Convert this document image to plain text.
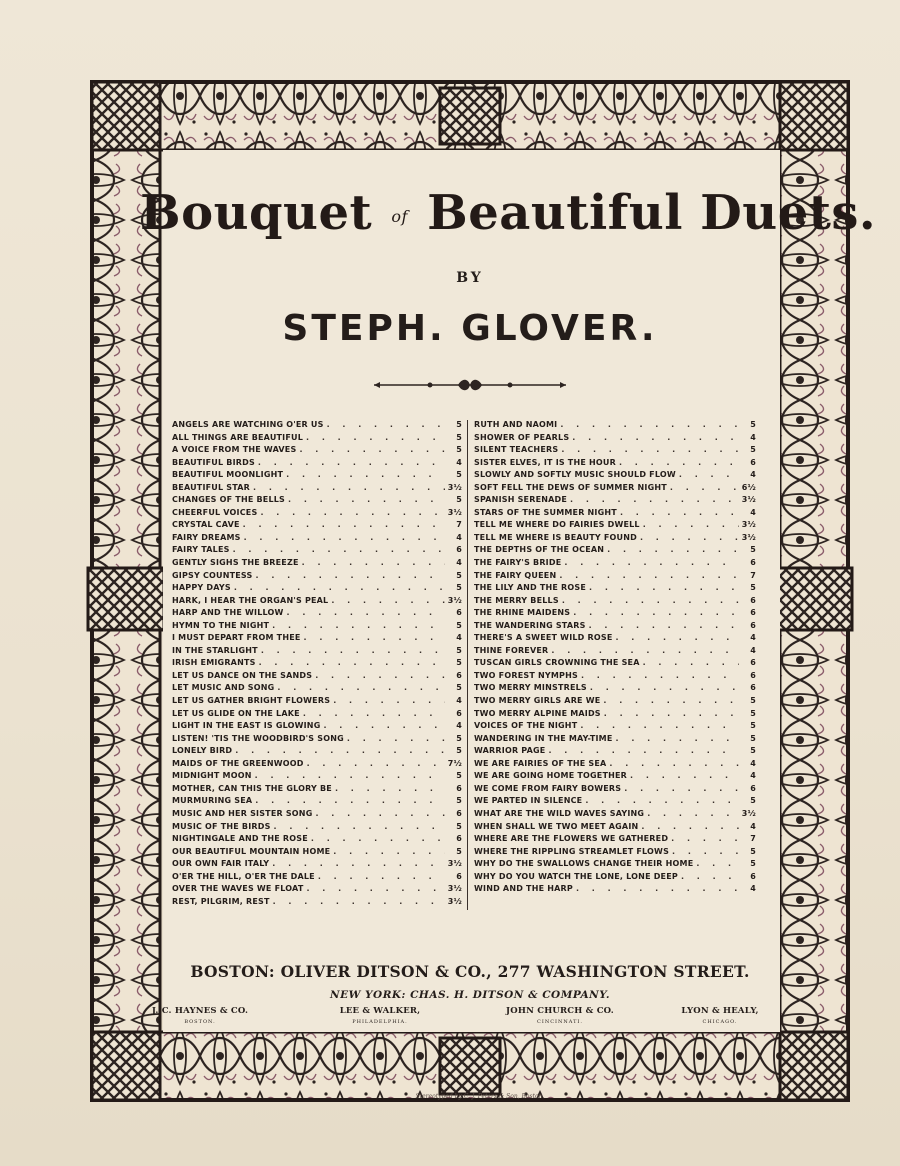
Bouquet of Beautiful Duets.
BY
STEPH. GLOVER.
ANGELS ARE WATCHING O'ER US . . .	5
ALL THINGS ARE BEAUTIFUL . . .	5
A VOICE FROM THE WAVES . . .	5
BEAUTIFUL BIRDS . . .	4
BEAUTIFUL MOONLIGHT . . .	5
BEAUTIFUL STAR . . .	3½
CHANGES OF THE BELLS . . .	5
CHEERFUL VOICES . . .	3½
CRYSTAL CAVE . . .	7
FAIRY DREAMS . . .	4
FAIRY TALES . . .	6
GENTLY SIGHS THE BREEZE . . .	4
GIPSY COUNTESS . . .	5
HAPPY DAYS . . .	5
HARK, I HEAR THE ORGAN'S PEAL . . .	3½
HARP AND THE WILLOW . . .	6
HYMN TO THE NIGHT . . .	5
I MUST DEPART FROM THEE . . .	4
IN THE STARLIGHT . . .	5
IRISH EMIGRANTS . . .	5
LET US DANCE ON THE SANDS . . .	6
LET MUSIC AND SONG . . .	5
LET US GATHER BRIGHT FLOWERS . . .	4
LET US GLIDE ON THE LAKE . . .	6
LIGHT IN THE EAST IS GLOWING . . .	4
LISTEN! 'TIS THE WOODBIRD'S SONG . . .	5
LONELY BIRD . . .	5
MAIDS OF THE GREENWOOD . . .	7½
MIDNIGHT MOON . . .	5
MOTHER, CAN THIS THE GLORY BE . . .	6
MURMURING SEA . . .	5
MUSIC AND HER SISTER SONG . . .	6
MUSIC OF THE BIRDS . . .	5
NIGHTINGALE AND THE ROSE . . .	6
OUR BEAUTIFUL MOUNTAIN HOME . . .	5
OUR OWN FAIR ITALY . . .	3½
O'ER THE HILL, O'ER THE DALE . . .	6
OVER THE WAVES WE FLOAT . . .	3½
REST, PILGRIM, REST . . .	3½
RUTH AND NAOMI . . .	5
SHOWER OF PEARLS . . .	4
SILENT TEACHERS . . .	5
SISTER ELVES, IT IS THE HOUR . . .	6
SLOWLY AND SOFTLY MUSIC SHOULD FLOW . . .	4
SOFT FELL THE DEWS OF SUMMER NIGHT . . .	6½
SPANISH SERENADE . . .	3½
STARS OF THE SUMMER NIGHT . . .	4
TELL ME WHERE DO FAIRIES DWELL . . .	3½
TELL ME WHERE IS BEAUTY FOUND . . .	3½
THE DEPTHS OF THE OCEAN . . .	5
THE FAIRY'S BRIDE . . .	6
THE FAIRY QUEEN . . .	7
THE LILY AND THE ROSE . . .	5
THE MERRY BELLS . . .	6
THE RHINE MAIDENS . . .	6
THE WANDERING STARS . . .	6
THERE'S A SWEET WILD ROSE . . .	4
THINE FOREVER . . .	4
TUSCAN GIRLS CROWNING THE SEA . . .	6
TWO FOREST NYMPHS . . .	6
TWO MERRY MINSTRELS . . .	6
TWO MERRY GIRLS ARE WE . . .	5
TWO MERRY ALPINE MAIDS . . .	5
VOICES OF THE NIGHT . . .	5
WANDERING IN THE MAY-TIME . . .	5
WARRIOR PAGE . . .	5
WE ARE FAIRIES OF THE SEA . . .	4
WE ARE GOING HOME TOGETHER . . .	4
WE COME FROM FAIRY BOWERS . . .	6
WE PARTED IN SILENCE . . .	5
WHAT ARE THE WILD WAVES SAYING . . .	3½
WHEN SHALL WE TWO MEET AGAIN . . .	4
WHERE ARE THE FLOWERS WE GATHERED . . .	7
WHERE THE RIPPLING STREAMLET FLOWS . . .	5
WHY DO THE SWALLOWS CHANGE THEIR HOME . . .	5
WHY DO YOU WATCH THE LONE, LONE DEEP . . .	6
WIND AND THE HARP . . .	4
BOSTON: OLIVER DITSON & CO., 277 WASHINGTON STREET.
NEW YORK: CHAS. H. DITSON & COMPANY.
J. C. HAYNES & CO.
BOSTON.
LEE & WALKER,
PHILADELPHIA.
JOHN CHURCH & CO.
CINCINNATI.
LYON & HEALY,
CHICAGO.
Stereotyped by C. J. Peters & Son, Boston.
